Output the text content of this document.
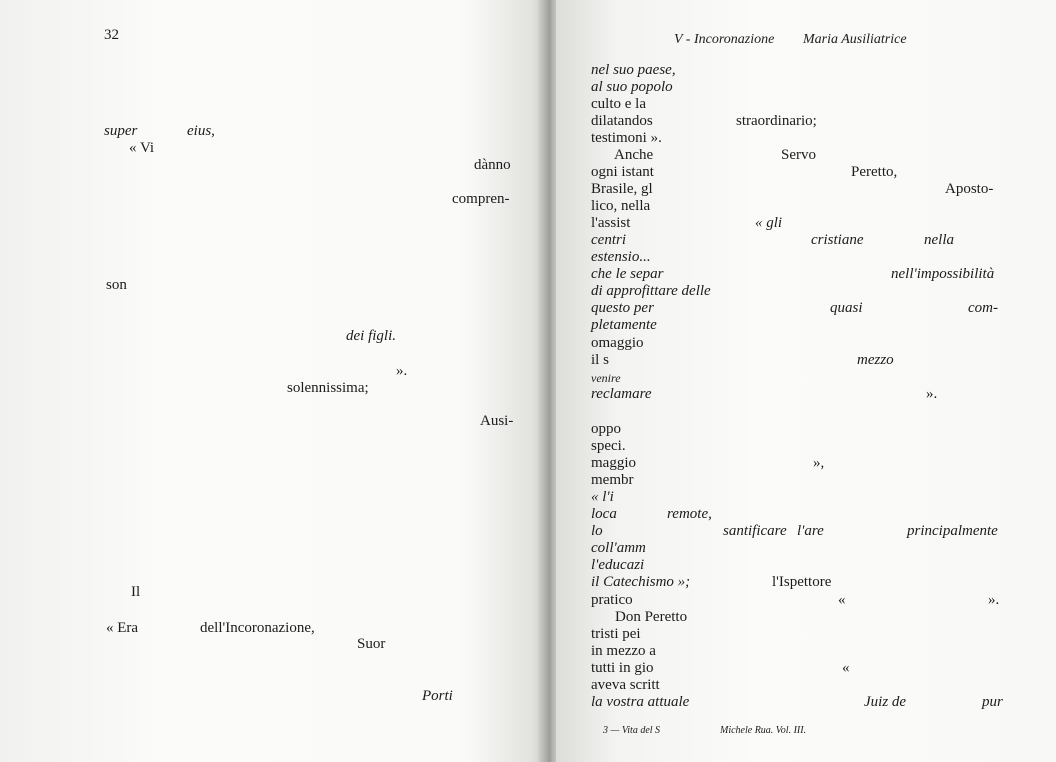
32
super	eius,
« Vi
dànno
compren-
son
dei figli.
».
solennissima;
Ausi-
Il
« Era	dell'Incoronazione,
Suor
Porti
V - Incoronazione Maria Ausiliatrice
nel suo paese,
al suo popolo
culto e la
dilatandos	straordinario;
testimoni ».
Anche	Servo
ogni istant	Peretto,
Brasile, gl	Aposto-
lico, nella
l'assist	« gli
centri	cristiane	nella
estensio...
che le separ	nell'impossibilità
di approfittare delle
questo per	quasi	com-
pletamente
omaggio
il s	mezzo
venire
reclamare	».
oppo
speci.
maggio	»,
membr
« l'i
loca	remote,
lo	santificare l'are	principalmente
coll'amm
l'educazi
il Catechismo »;	l'Ispettore
pratico	«	».
Don Peretto
tristi pei
in mezzo a
tutti in gio	«
aveva scritt
la vostra attuale	Juiz de	pur
3 — Vita del S	Michele Rua. Vol. III.
